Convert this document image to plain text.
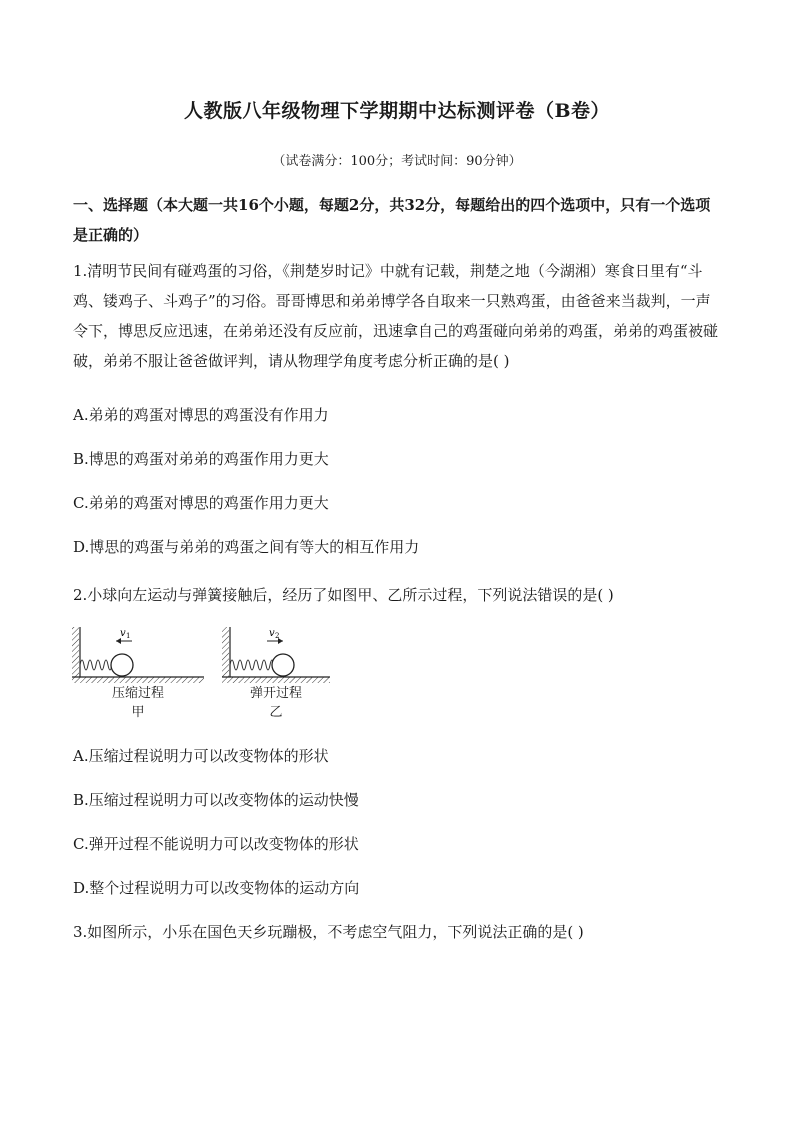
人教版八年级物理下学期期中达标测评卷（B卷）
（试卷满分：100分；考试时间：90分钟）
一、选择题（本大题一共16个小题，每题2分，共32分，每题给出的四个选项中，只有一个选项是正确的）
1.清明节民间有碰鸡蛋的习俗，《荆楚岁时记》中就有记载，荆楚之地（今湖湘）寒食日里有“斗鸡、镂鸡子、斗鸡子”的习俗。哥哥博思和弟弟博学各自取来一只熟鸡蛋，由爸爸来当裁判，一声令下，博思反应迅速，在弟弟还没有反应前，迅速拿自己的鸡蛋碰向弟弟的鸡蛋，弟弟的鸡蛋被碰破，弟弟不服让爸爸做评判，请从物理学角度考虑分析正确的是( )
A.弟弟的鸡蛋对博思的鸡蛋没有作用力
B.博思的鸡蛋对弟弟的鸡蛋作用力更大
C.弟弟的鸡蛋对博思的鸡蛋作用力更大
D.博思的鸡蛋与弟弟的鸡蛋之间有等大的相互作用力
2.小球向左运动与弹簧接触后，经历了如图甲、乙所示过程，下列说法错误的是( )
v 1	v 2
压缩过程
甲
弹开过程
乙
A.压缩过程说明力可以改变物体的形状
B.压缩过程说明力可以改变物体的运动快慢
C.弹开过程不能说明力可以改变物体的形状
D.整个过程说明力可以改变物体的运动方向
3.如图所示，小乐在国色天乡玩蹦极，不考虑空气阻力，下列说法正确的是( )
